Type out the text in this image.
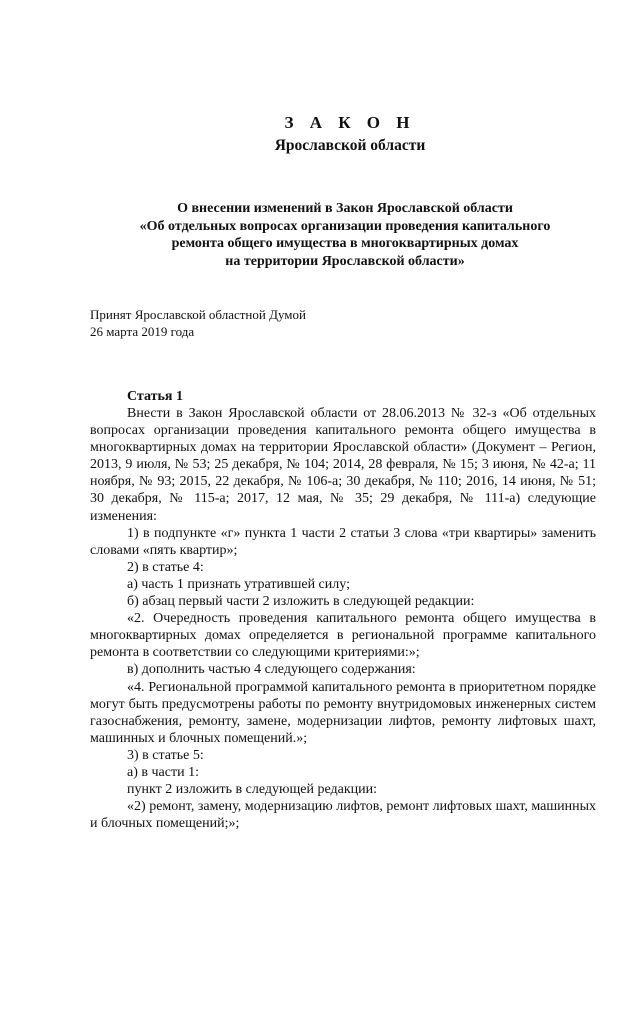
З А К О Н
Ярославской области
О внесении изменений в Закон Ярославской области
«Об отдельных вопросах организации проведения капитального
ремонта общего имущества в многоквартирных домах
на территории Ярославской области»
Принят Ярославской областной Думой
26 марта 2019 года
Статья 1

Внести в Закон Ярославской области от 28.06.2013 № 32-з «Об отдельных вопросах организации проведения капитального ремонта общего имущества в многоквартирных домах на территории Ярославской области» (Документ – Регион, 2013, 9 июля, № 53; 25 декабря, № 104; 2014, 28 февраля, № 15; 3 июня, № 42-а; 11 ноября, № 93; 2015, 22 декабря, № 106-а; 30 декабря, № 110; 2016, 14 июня, № 51; 30 декабря, № 115-а; 2017, 12 мая, № 35; 29 декабря, № 111-а) следующие изменения:

1) в подпункте «г» пункта 1 части 2 статьи 3 слова «три квартиры» заменить словами «пять квартир»;

2) в статье 4:

а) часть 1 признать утратившей силу;

б) абзац первый части 2 изложить в следующей редакции:

«2. Очередность проведения капитального ремонта общего имущества в многоквартирных домах определяется в региональной программе капитального ремонта в соответствии со следующими критериями:»;

в) дополнить частью 4 следующего содержания:

«4. Региональной программой капитального ремонта в приоритетном порядке могут быть предусмотрены работы по ремонту внутридомовых инженерных систем газоснабжения, ремонту, замене, модернизации лифтов, ремонту лифтовых шахт, машинных и блочных помещений.»;

3) в статье 5:

а) в части 1:

пункт 2 изложить в следующей редакции:

«2) ремонт, замену, модернизацию лифтов, ремонт лифтовых шахт, машинных и блочных помещений;»;
